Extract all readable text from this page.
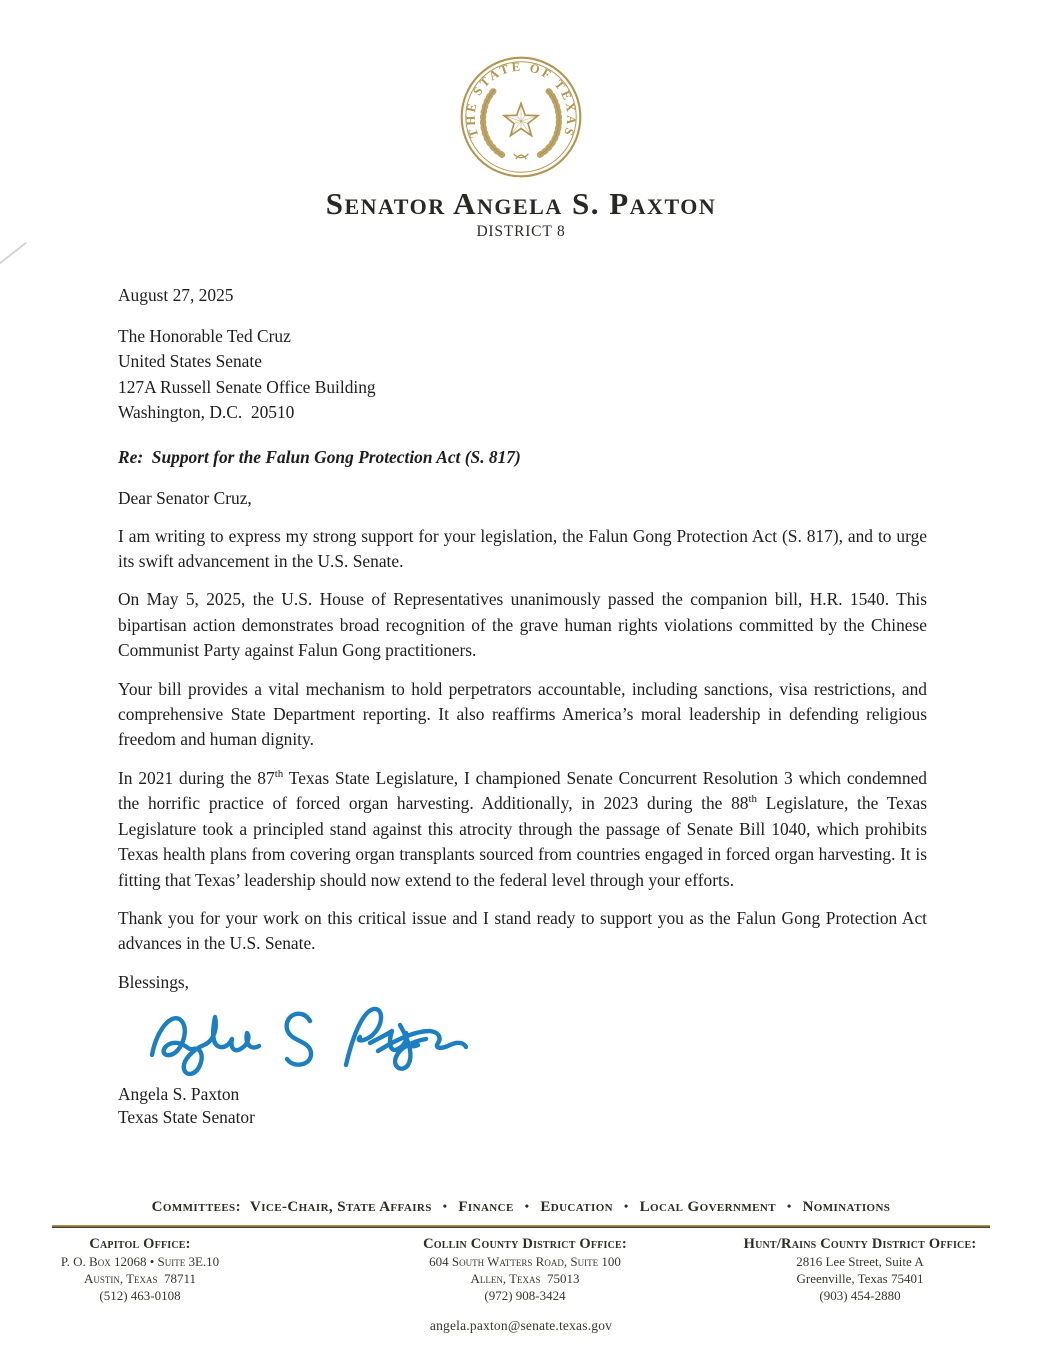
THE STATE OF TEXAS
Senator Angela S. Paxton
DISTRICT 8

August 27, 2025

The Honorable Ted Cruz
United States Senate
127A Russell Senate Office Building
Washington, D.C.  20510

Re:  Support for the Falun Gong Protection Act (S. 817)

Dear Senator Cruz,

I am writing to express my strong support for your legislation, the Falun Gong Protection Act (S. 817), and to urge its swift advancement in the U.S. Senate.

On May 5, 2025, the U.S. House of Representatives unanimously passed the companion bill, H.R. 1540. This bipartisan action demonstrates broad recognition of the grave human rights violations committed by the Chinese Communist Party against Falun Gong practitioners.

Your bill provides a vital mechanism to hold perpetrators accountable, including sanctions, visa restrictions, and comprehensive State Department reporting. It also reaffirms America’s moral leadership in defending religious freedom and human dignity.

In 2021 during the 87th Texas State Legislature, I championed Senate Concurrent Resolution 3 which condemned the horrific practice of forced organ harvesting. Additionally, in 2023 during the 88th Legislature, the Texas Legislature took a principled stand against this atrocity through the passage of Senate Bill 1040, which prohibits Texas health plans from covering organ transplants sourced from countries engaged in forced organ harvesting. It is fitting that Texas’ leadership should now extend to the federal level through your efforts.

Thank you for your work on this critical issue and I stand ready to support you as the Falun Gong Protection Act advances in the U.S. Senate.

Blessings,

Angela S. Paxton

Texas State Senator

Committees: Vice-Chair, State Affairs • Finance • Education • Local Government • Nominations
Capitol Office:
P. O. Box 12068 • Suite 3E.10
Austin, Texas  78711
(512) 463-0108
Collin County District Office:
604 South Watters Road, Suite 100
Allen, Texas  75013
(972) 908-3424
Hunt/Rains County District Office:
2816 Lee Street, Suite A
Greenville, Texas 75401
(903) 454-2880
angela.paxton@senate.texas.gov
